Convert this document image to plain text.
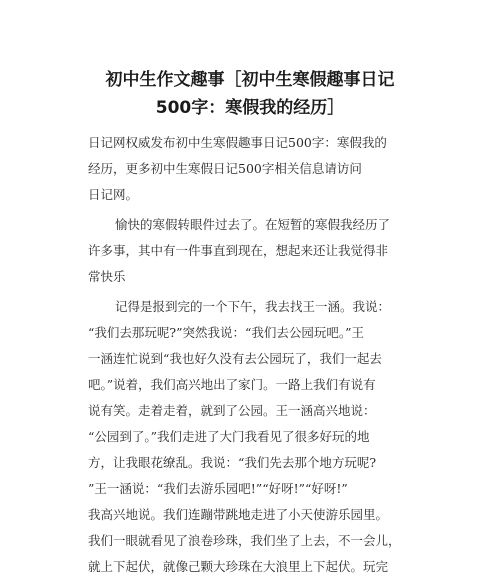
初中生作文趣事［初中生寒假趣事日记
500字：寒假我的经历］
日记网权威发布初中生寒假趣事日记500字：寒假我的
经历，更多初中生寒假日记500字相关信息请访问
日记网。
愉快的寒假转眼件过去了。在短暂的寒假我经历了
许多事，其中有一件事直到现在，想起来还让我觉得非
常快乐
记得是报到完的一个下午，我去找王一涵。我说：
“我们去那玩呢?”突然我说：“我们去公园玩吧。”王
一涵连忙说到“我也好久没有去公园玩了，我们一起去
吧。”说着，我们高兴地出了家门。一路上我们有说有
说有笑。走着走着，就到了公园。王一涵高兴地说：
“公园到了。”我们走进了大门我看见了很多好玩的地
方，让我眼花缭乱。我说：“我们先去那个地方玩呢?
”王一涵说：“我们去游乐园吧!”“好呀!”“好呀!”
我高兴地说。我们连蹦带跳地走进了小天使游乐园里。
我们一眼就看见了浪卷珍珠，我们坐了上去，不一会儿，
就上下起伏，就像己颗大珍珠在大浪里上下起伏。玩完
